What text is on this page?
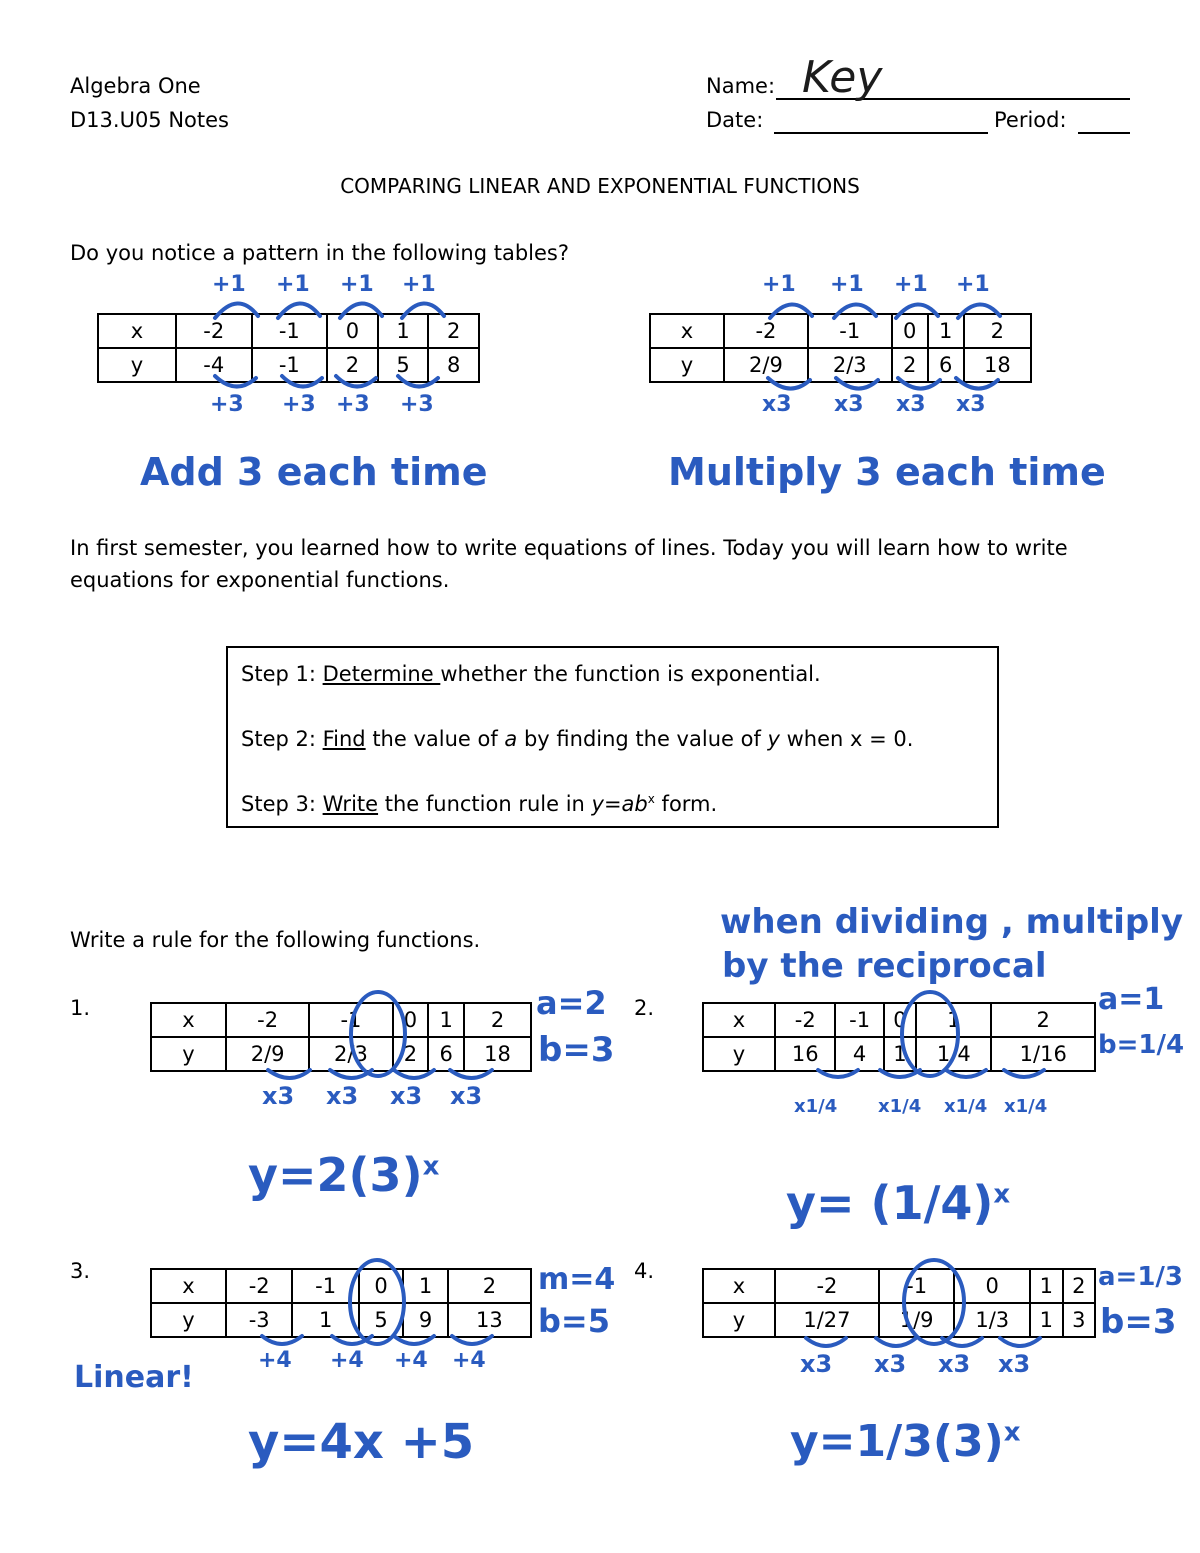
Algebra One
D13.U05 Notes
Name: Key
Date:	Period:
COMPARING LINEAR AND EXPONENTIAL FUNCTIONS
Do you notice a pattern in the following tables?
x	-2	-1	0	1	2
y	-4	-1	2	5	8
x	-2	-1	0	1	2
y	2/9	2/3	2	6	18
+1 +1 +1 +1
+3 +3 +3 +3
+1 +1 +1 +1
x3 x3 x3 x3
Add 3 each time	Multiply 3 each time
In first semester, you learned how to write equations of lines. Today you will learn how to write
equations for exponential functions.
Step 1: Determine whether the function is exponential.
Step 2: Find the value of a by finding the value of y when x = 0.
Step 3: Write the function rule in $y=ab^x$ form.
Write a rule for the following functions.	when dividing , multiply
by the reciprocal
1.	2.
3.	4.
x	-2	-1	0	1	2
y	2/9	2/3	2	6	18
x	-2	-1	0	1	2
y	16	4	1	1/4	1/16
x	-2	-1	0	1	2
y	-3	1	5	9	13
x	-2	-1	0	1	2
y	1/27	1/9	1/3	1	3
a=2
b=3
a=1
b=1/4
m=4
b=5
a=1/3
b=3
x3 x3 x3 x3	x1/4 x1/4 x1/4 x1/4
+4 +4 +4 +4	x3 x3 x3 x3
Linear!
$y=2(3)^x$
$y= (1/4)^x$
y=4x +5	$y=1/3(3)^x$
